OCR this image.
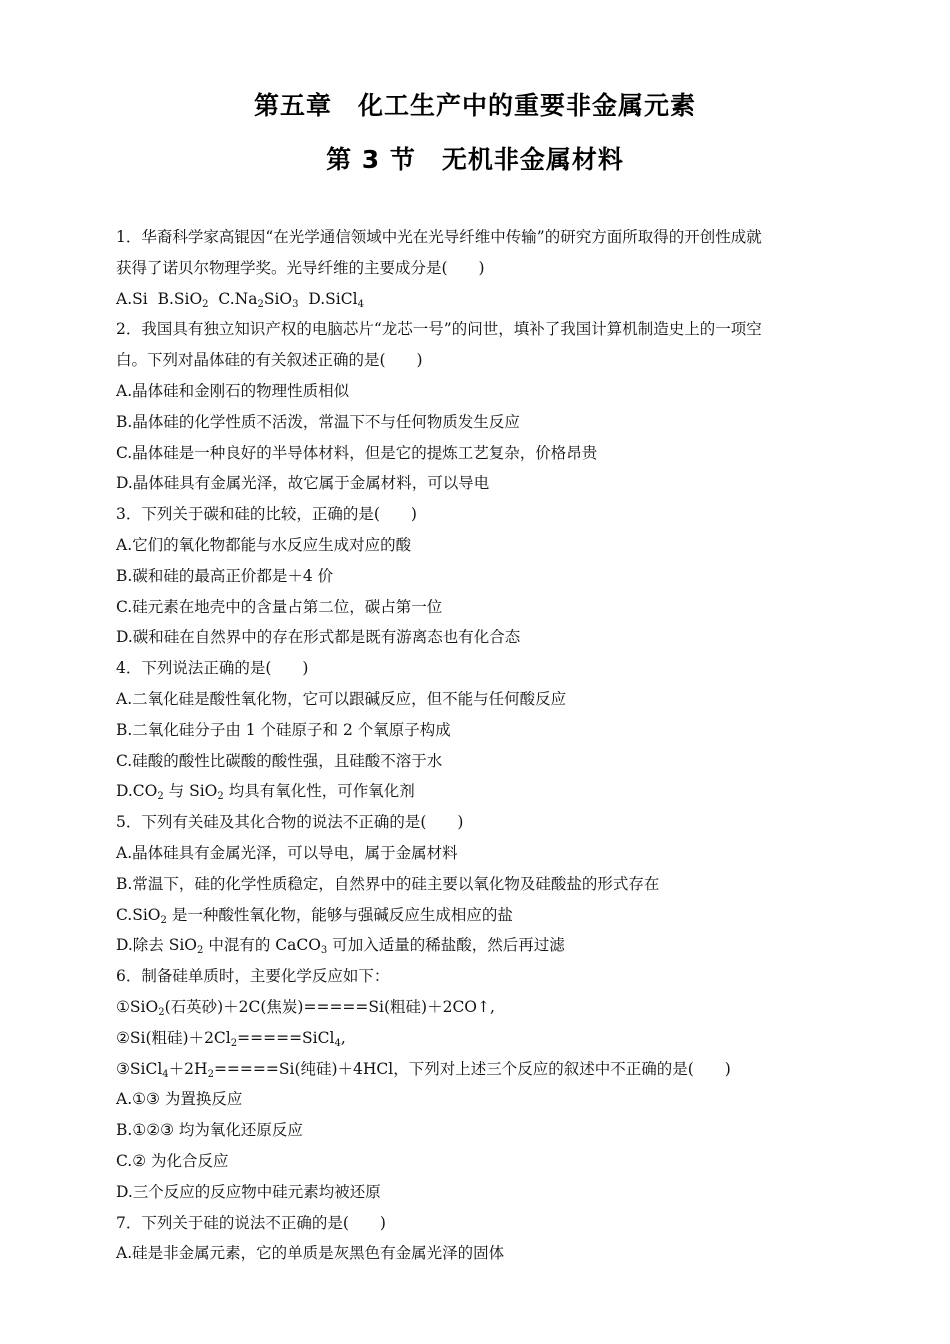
第五章　化工生产中的重要非金属元素
第 3 节　无机非金属材料
1．华裔科学家高锟因“在光学通信领域中光在光导纤维中传输”的研究方面所取得的开创性成就
获得了诺贝尔物理学奖。光导纤维的主要成分是(　　)
A.Si B.SiO$_2$ $C.Na_2SiO_3$ D.SiCl$_4$
2．我国具有独立知识产权的电脑芯片“龙芯一号”的问世，填补了我国计算机制造史上的一项空
白。下列对晶体硅的有关叙述正确的是(　　)
A.晶体硅和金刚石的物理性质相似
B.晶体硅的化学性质不活泼，常温下不与任何物质发生反应
C.晶体硅是一种良好的半导体材料，但是它的提炼工艺复杂，价格昂贵
D.晶体硅具有金属光泽，故它属于金属材料，可以导电
3．下列关于碳和硅的比较，正确的是(　　)
A.它们的氧化物都能与水反应生成对应的酸
B.碳和硅的最高正价都是＋4 价
C.硅元素在地壳中的含量占第二位，碳占第一位
D.碳和硅在自然界中的存在形式都是既有游离态也有化合态
4．下列说法正确的是(　　)
A.二氧化硅是酸性氧化物，它可以跟碱反应，但不能与任何酸反应
B.二氧化硅分子由 1 个硅原子和 2 个氧原子构成
C.硅酸的酸性比碳酸的酸性强，且硅酸不溶于水
$D.CO_2$ 与 SiO$_2$ 均具有氧化性，可作氧化剂
5．下列有关硅及其化合物的说法不正确的是(　　)
A.晶体硅具有金属光泽，可以导电，属于金属材料
B.常温下，硅的化学性质稳定，自然界中的硅主要以氧化物及硅酸盐的形式存在
C.SiO$_2$ 是一种酸性氧化物，能够与强碱反应生成相应的盐
D.除去 SiO$_2$ 中混有的 CaCO$_3$ 可加入适量的稀盐酸，然后再过滤
6．制备硅单质时，主要化学反应如下：
①SiO$_2$(石英砂)＋2C(焦炭)=====Si(粗硅)＋2CO↑,
②Si(粗硅)$+2Cl_2=====SiCl_4$,
$③SiCl_4+2H_2=====Si$(纯硅)＋4HCl，下列对上述三个反应的叙述中不正确的是(　　)
A.①③ 为置换反应
B.①②③ 均为氧化还原反应
C.② 为化合反应
D.三个反应的反应物中硅元素均被还原
7．下列关于硅的说法不正确的是(　　)
A.硅是非金属元素，它的单质是灰黑色有金属光泽的固体
